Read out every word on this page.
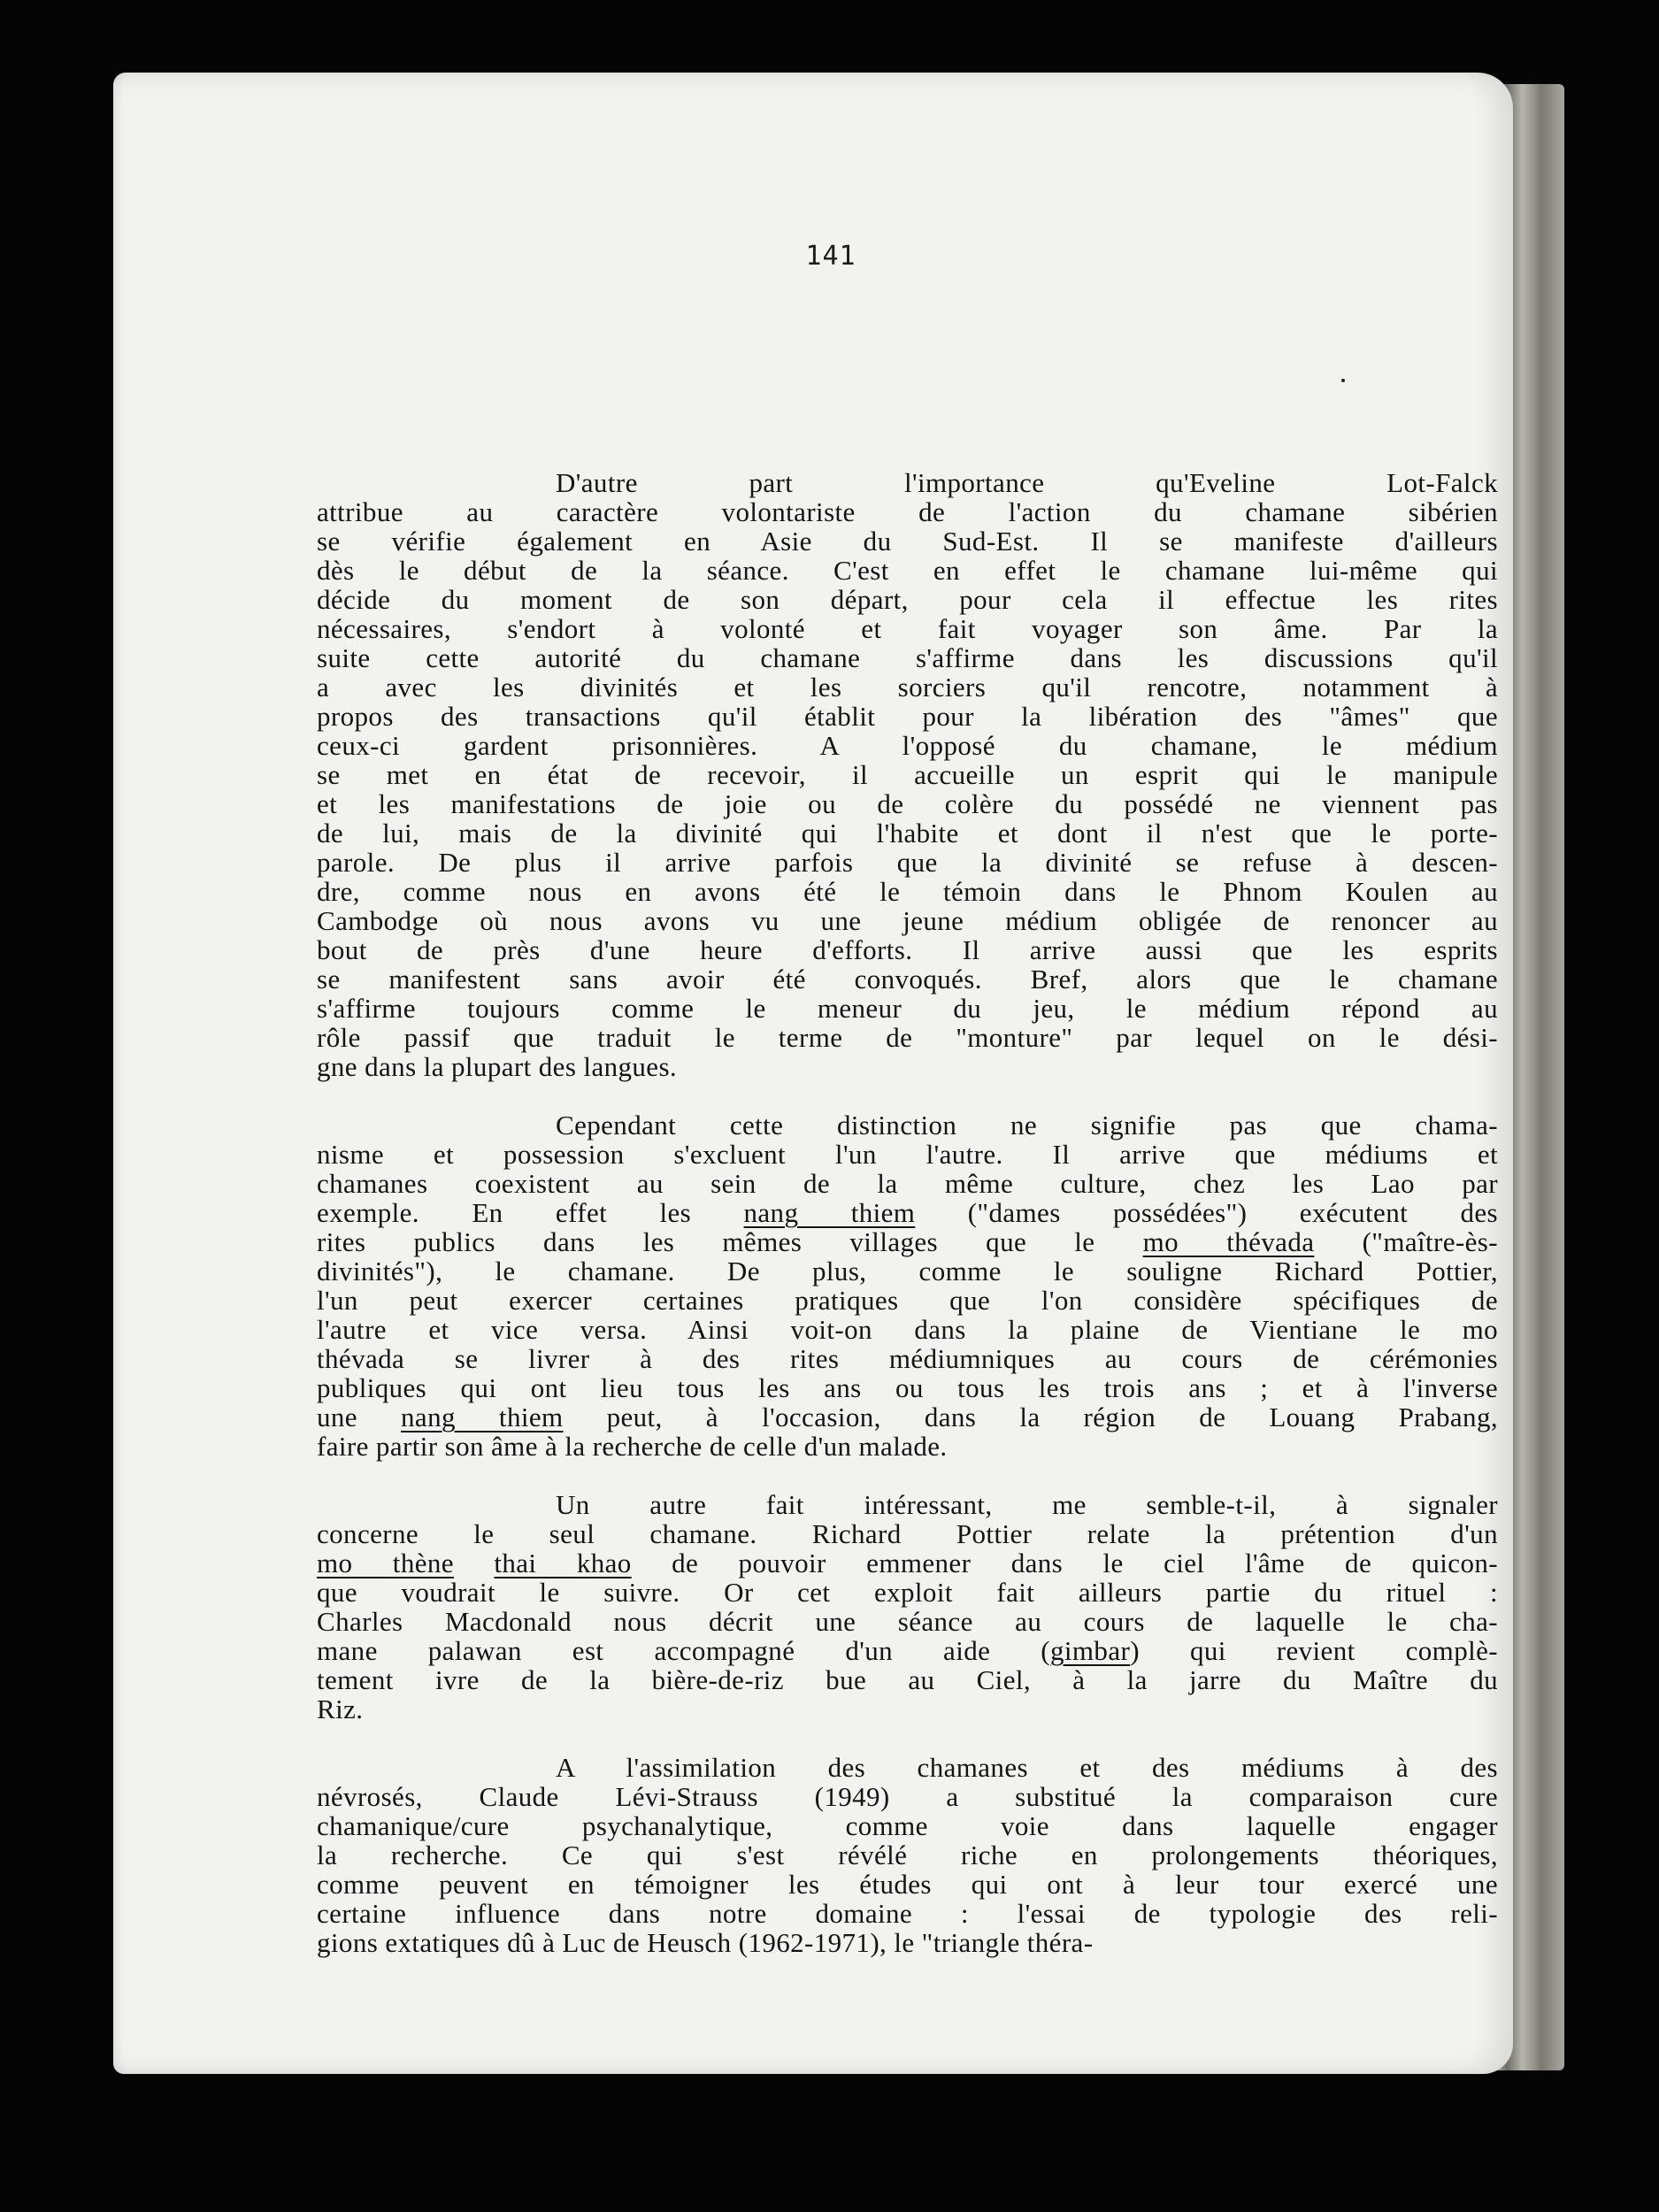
141
D'autre part l'importance qu'Eveline Lot-Falck
attribue au caractère volontariste de l'action du chamane sibérien
se vérifie également en Asie du Sud-Est. Il se manifeste d'ailleurs
dès le début de la séance. C'est en effet le chamane lui-même qui
décide du moment de son départ, pour cela il effectue les rites
nécessaires, s'endort à volonté et fait voyager son âme. Par la
suite cette autorité du chamane s'affirme dans les discussions qu'il
a avec les divinités et les sorciers qu'il rencotre, notamment à
propos des transactions qu'il établit pour la libération des "âmes" que
ceux-ci gardent prisonnières. A l'opposé du chamane, le médium
se met en état de recevoir, il accueille un esprit qui le manipule
et les manifestations de joie ou de colère du possédé ne viennent pas
de lui, mais de la divinité qui l'habite et dont il n'est que le porte-
parole. De plus il arrive parfois que la divinité se refuse à descen-
dre, comme nous en avons été le témoin dans le Phnom Koulen au
Cambodge où nous avons vu une jeune médium obligée de renoncer au
bout de près d'une heure d'efforts. Il arrive aussi que les esprits
se manifestent sans avoir été convoqués. Bref, alors que le chamane
s'affirme toujours comme le meneur du jeu, le médium répond au
rôle passif que traduit le terme de "monture" par lequel on le dési-
gne dans la plupart des langues.
Cependant cette distinction ne signifie pas que chama-
nisme et possession s'excluent l'un l'autre. Il arrive que médiums et
chamanes coexistent au sein de la même culture, chez les Lao par
exemple. En effet les nang thiem ("dames possédées") exécutent des
rites publics dans les mêmes villages que le mo thévada ("maître-ès-
divinités"), le chamane. De plus, comme le souligne Richard Pottier,
l'un peut exercer certaines pratiques que l'on considère spécifiques de
l'autre et vice versa. Ainsi voit-on dans la plaine de Vientiane le mo
thévada se livrer à des rites médiumniques au cours de cérémonies
publiques qui ont lieu tous les ans ou tous les trois ans ; et à l'inverse
une nang thiem peut, à l'occasion, dans la région de Louang Prabang,
faire partir son âme à la recherche de celle d'un malade.
Un autre fait intéressant, me semble-t-il, à signaler
concerne le seul chamane. Richard Pottier relate la prétention d'un
mo thène thai khao de pouvoir emmener dans le ciel l'âme de quicon-
que voudrait le suivre. Or cet exploit fait ailleurs partie du rituel :
Charles Macdonald nous décrit une séance au cours de laquelle le cha-
mane palawan est accompagné d'un aide (gimbar) qui revient complè-
tement ivre de la bière-de-riz bue au Ciel, à la jarre du Maître du
Riz.
A l'assimilation des chamanes et des médiums à des
névrosés, Claude Lévi-Strauss (1949) a substitué la comparaison cure
chamanique/cure psychanalytique, comme voie dans laquelle engager
la recherche. Ce qui s'est révélé riche en prolongements théoriques,
comme peuvent en témoigner les études qui ont à leur tour exercé une
certaine influence dans notre domaine : l'essai de typologie des reli-
gions extatiques dû à Luc de Heusch (1962-1971), le "triangle théra-
